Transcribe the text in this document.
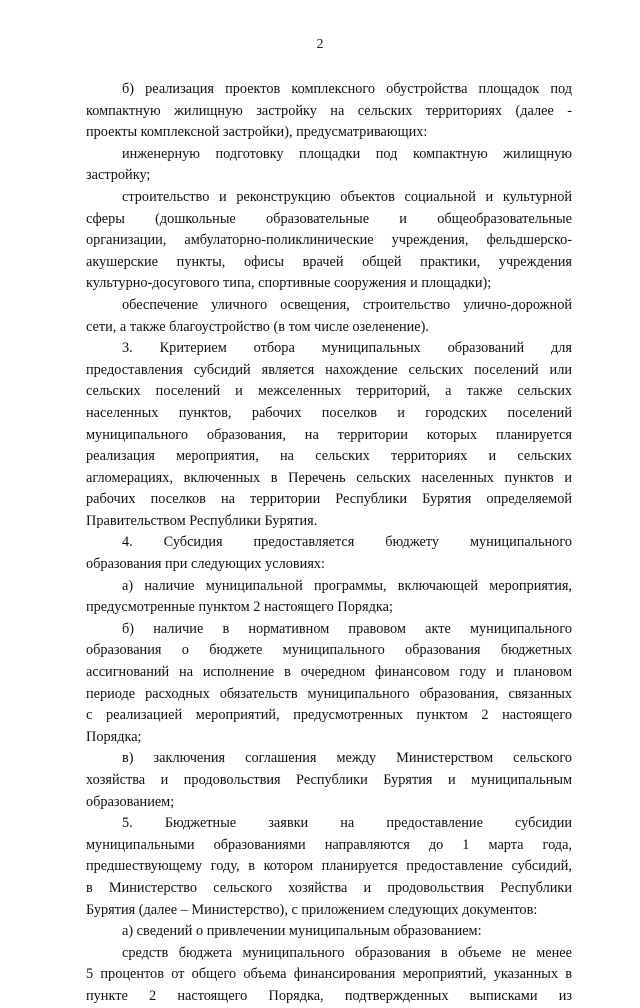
2
б) реализация проектов комплексного обустройства площадок под
компактную жилищную застройку на сельских территориях (далее -
проекты комплексной застройки), предусматривающих:
инженерную подготовку площадки под компактную жилищную
застройку;
строительство и реконструкцию объектов социальной и культурной
сферы (дошкольные образовательные и общеобразовательные
организации, амбулаторно-поликлинические учреждения, фельдшерско-
акушерские пункты, офисы врачей общей практики, учреждения
культурно-досугового типа, спортивные сооружения и площадки);
обеспечение уличного освещения, строительство улично-дорожной
сети, а также благоустройство (в том числе озеленение).
3. Критерием отбора муниципальных образований для
предоставления субсидий является нахождение сельских поселений или
сельских поселений и межселенных территорий, а также сельских
населенных пунктов, рабочих поселков и городских поселений
муниципального образования, на территории которых планируется
реализация мероприятия, на сельских территориях и сельских
агломерациях, включенных в Перечень сельских населенных пунктов и
рабочих поселков на территории Республики Бурятия определяемой
Правительством Республики Бурятия.
4. Субсидия предоставляется бюджету муниципального
образования при следующих условиях:
а) наличие муниципальной программы, включающей мероприятия,
предусмотренные пунктом 2 настоящего Порядка;
б) наличие в нормативном правовом акте муниципального
образования о бюджете муниципального образования бюджетных
ассигнований на исполнение в очередном финансовом году и плановом
периоде расходных обязательств муниципального образования, связанных
с реализацией мероприятий, предусмотренных пунктом 2 настоящего
Порядка;
в) заключения соглашения между Министерством сельского
хозяйства и продовольствия Республики Бурятия и муниципальным
образованием;
5. Бюджетные заявки на предоставление субсидии
муниципальными образованиями направляются до 1 марта года,
предшествующему году, в котором планируется предоставление субсидий,
в Министерство сельского хозяйства и продовольствия Республики
Бурятия (далее – Министерство), с приложением следующих документов:
а) сведений о привлечении муниципальным образованием:
средств бюджета муниципального образования в объеме не менее
5 процентов от общего объема финансирования мероприятий, указанных в
пункте 2 настоящего Порядка, подтвержденных выписками из
